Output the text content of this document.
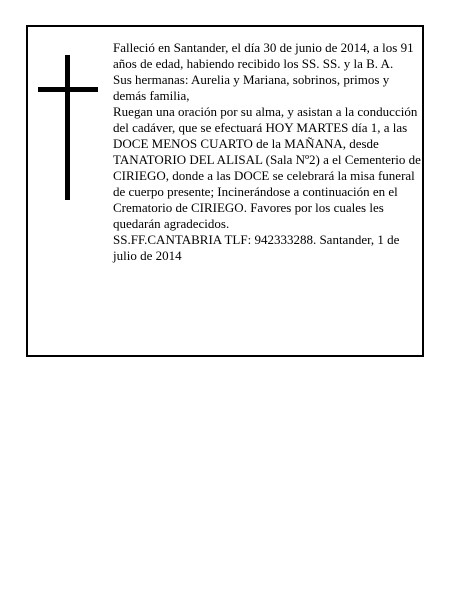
Falleció en Santander, el día 30 de junio de 2014, a los 91 años de edad, habiendo recibido los SS. SS. y la B. A.

Sus hermanas: Aurelia y Mariana, sobrinos, primos y demás familia,

Ruegan una oración por su alma, y asistan a la conducción del cadáver, que se efectuará HOY MARTES día 1, a las DOCE MENOS CUARTO de la MAÑANA, desde TANATORIO DEL ALISAL (Sala Nº2) a el Cementerio de CIRIEGO, donde a las DOCE se celebrará la misa funeral de cuerpo presente; Incinerándose a continuación en el Crematorio de CIRIEGO. Favores por los cuales les quedarán agradecidos.

SS.FF.CANTABRIA TLF: 942333288. Santander, 1 de julio de 2014
